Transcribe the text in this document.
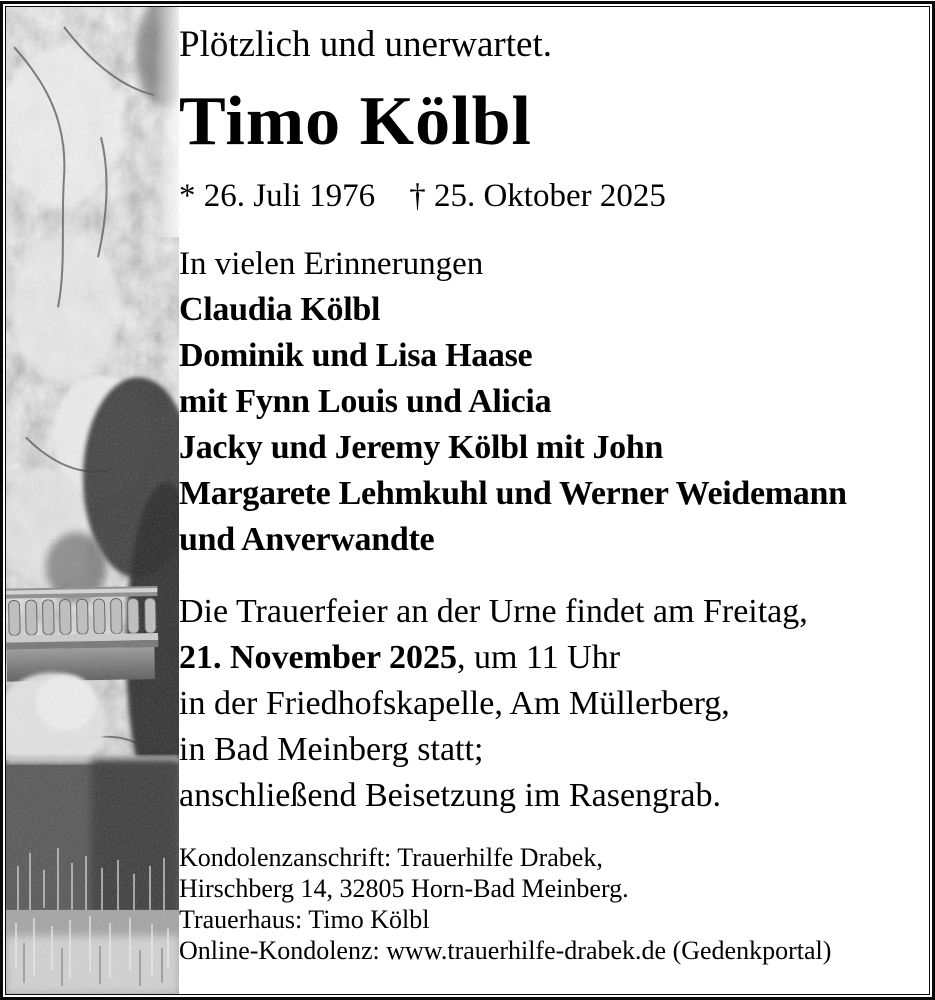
Plötzlich und unerwartet.

Timo Kölbl

* 26. Juli 1976 † 25. Oktober 2025

In vielen Erinnerungen

Claudia Kölbl
Dominik und Lisa Haase
mit Fynn Louis und Alicia
Jacky und Jeremy Kölbl mit John
Margarete Lehmkuhl und Werner Weidemann
und Anverwandte
Die Trauerfeier an der Urne findet am Freitag,
21. November 2025, um 11 Uhr
in der Friedhofskapelle, Am Müllerberg,
in Bad Meinberg statt;
anschließend Beisetzung im Rasengrab.
Kondolenzanschrift: Trauerhilfe Drabek,
Hirschberg 14, 32805 Horn-Bad Meinberg.
Trauerhaus: Timo Kölbl
Online-Kondolenz: www.trauerhilfe-drabek.de (Gedenkportal)
